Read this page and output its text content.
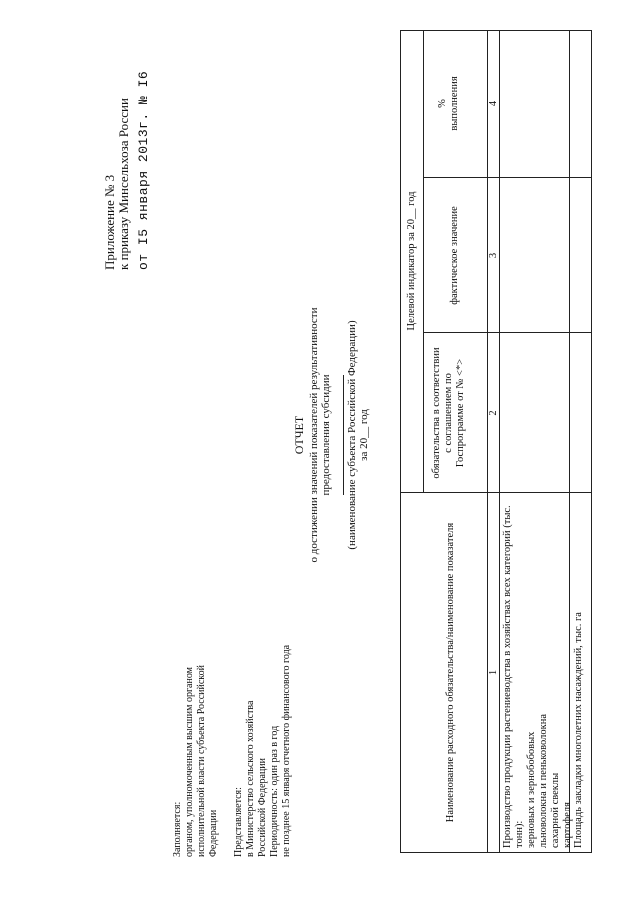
Приложение № 3 к приказу Минсельхоза России от I5 января 2013г. № I6
Заполняется: органом, уполномоченным высшим органом исполнительной власти субъекта Российской Федерации Представляется: в Министерство сельского хозяйства Российской Федерации Периодичность: один раз в год не позднее 15 января отчетного финансового года
ОТЧЕТ о достижении значений показателей результативности предоставления субсидии (наименование субъекта Российской Федерации) за 20__ год
Наименование расходного обязательства/наименование показателя
Целевой индикатор за 20__ год
обязательства в соответствии с соглашением по Госпрограмме от № <*>
фактическое значение
% выполнения
1
2
3
4
Производство продукции растениеводства в хозяйствах всех категорий (тыс. тонн): зерновых и зернобобовых льноволокна и пеньковолокна сахарной свеклы картофеля Площадь закладки многолетних насаждений, тыс. га
